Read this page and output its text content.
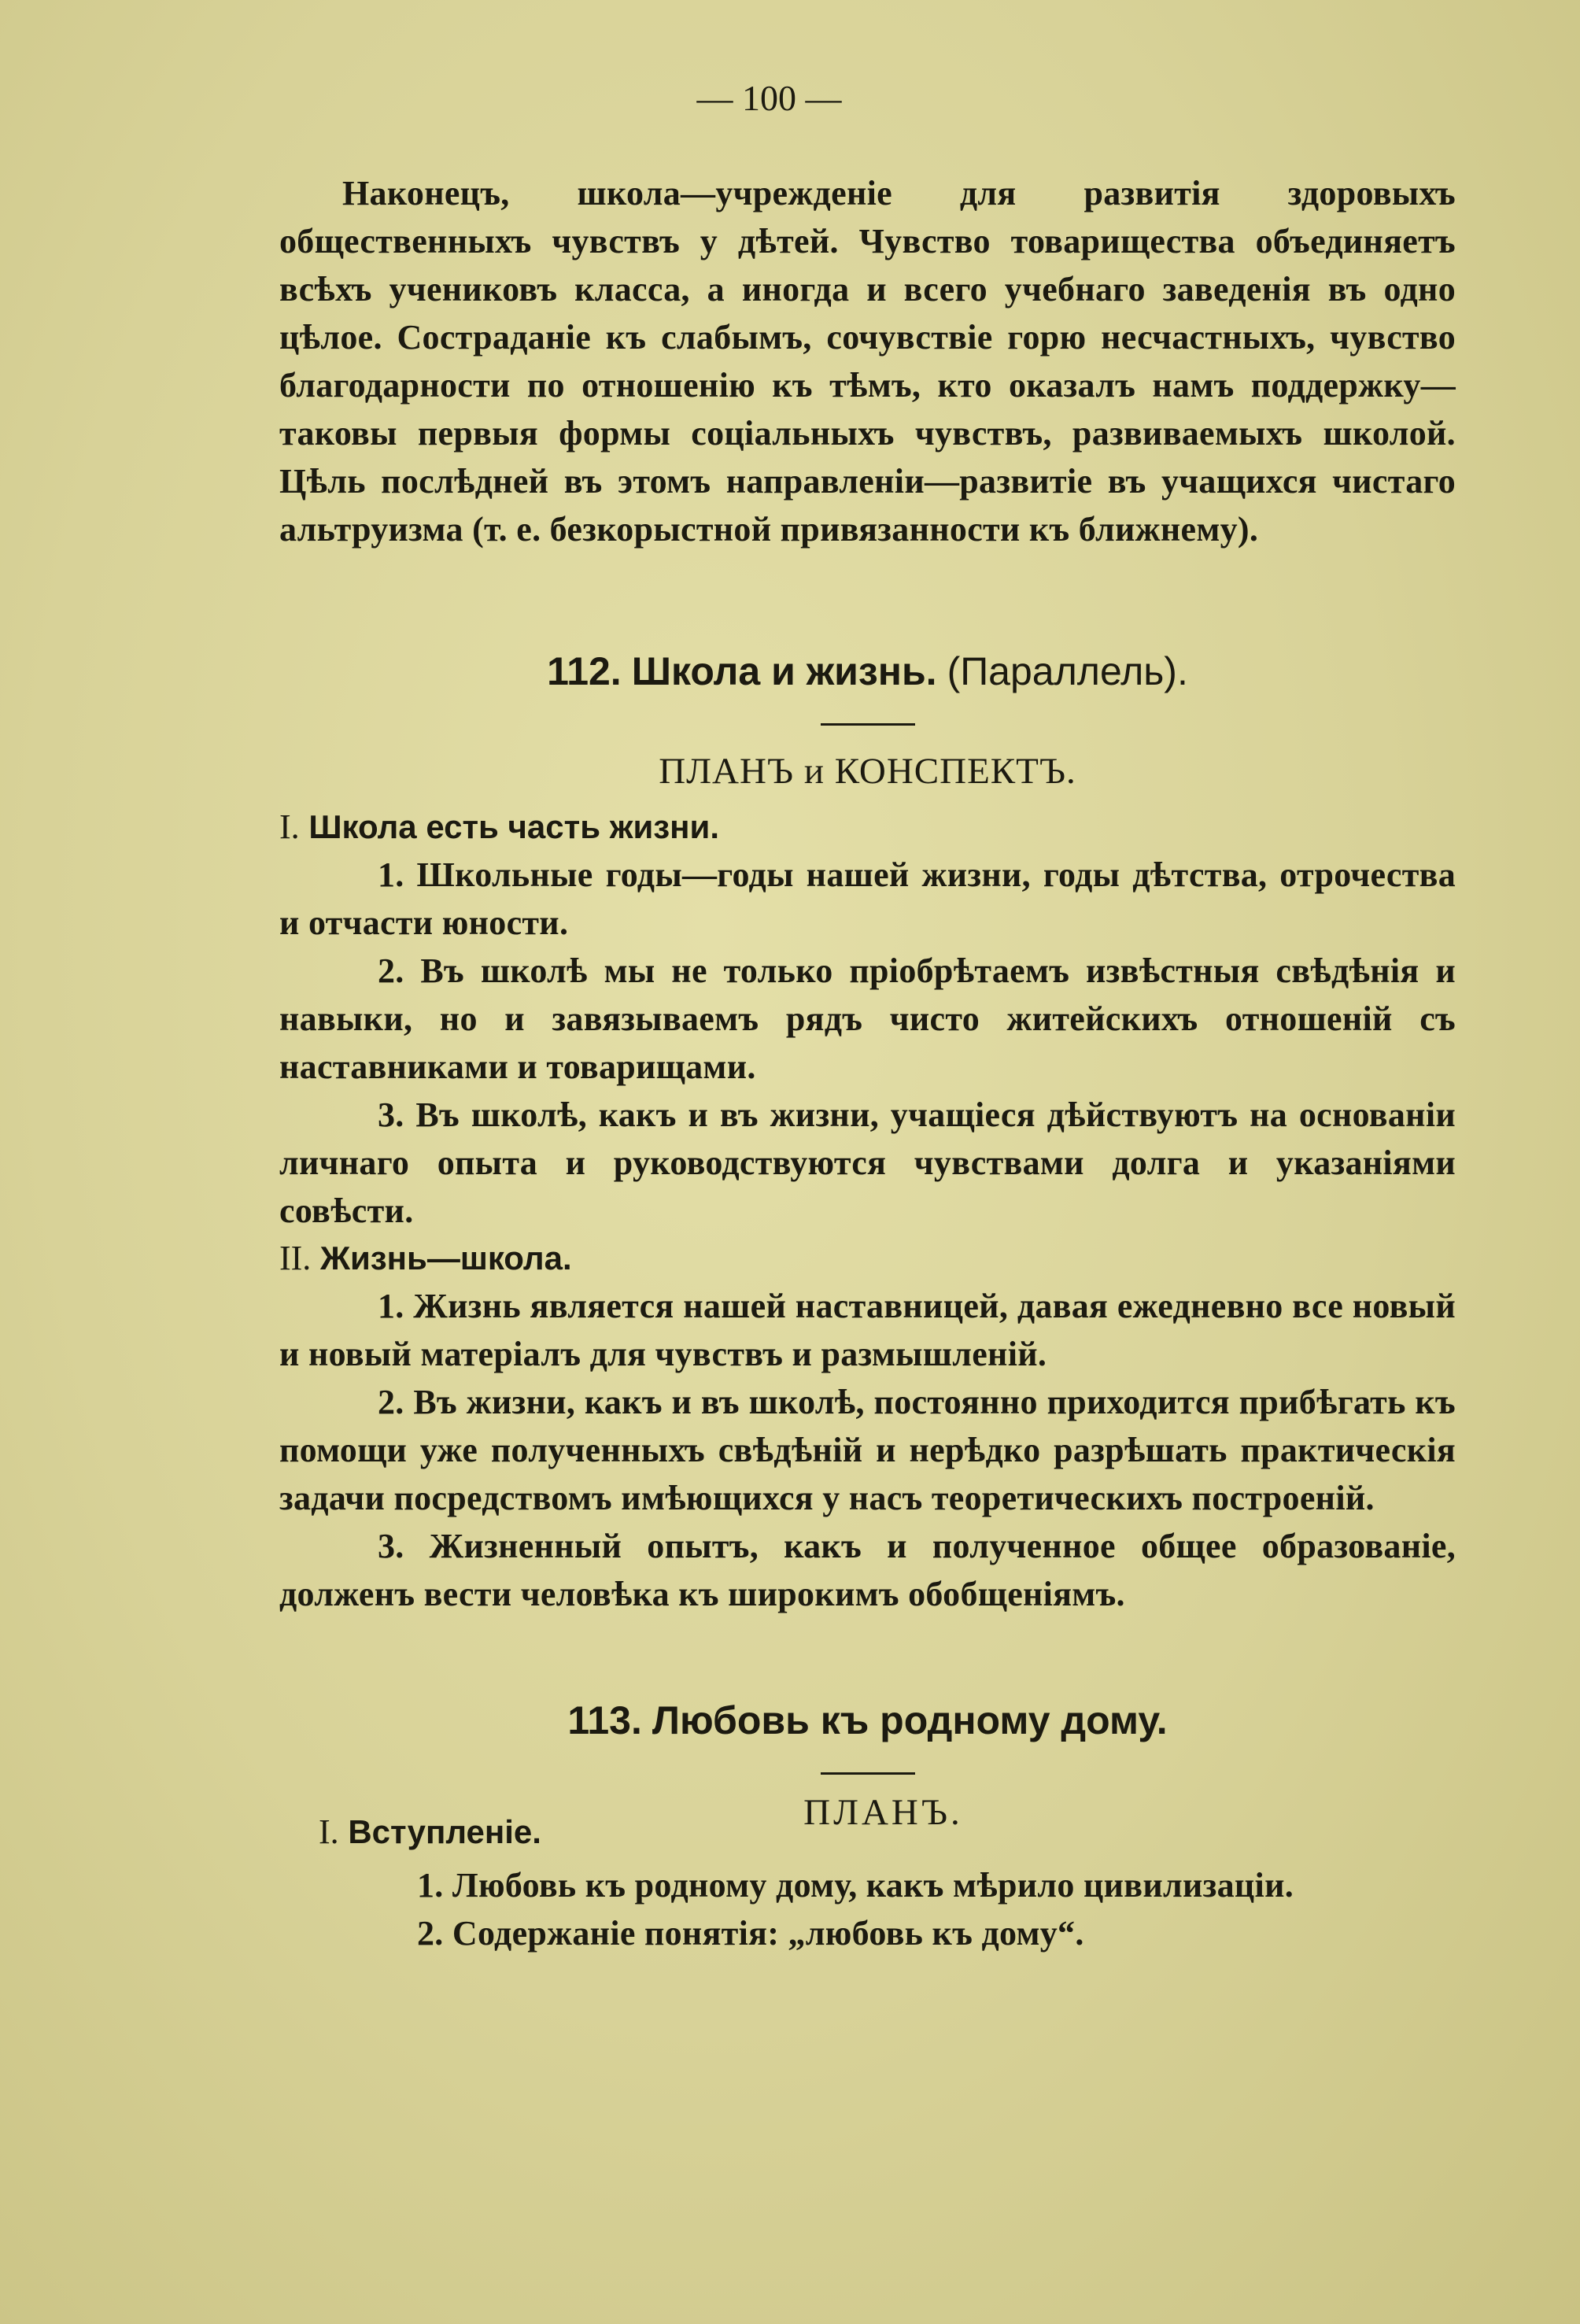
— 100 —

Наконецъ, школа—учрежденіе для развитія здоровыхъ общественныхъ чувствъ у дѣтей. Чувство товарищества объединяетъ всѣхъ учениковъ класса, а иногда и всего учебнаго заведенія въ одно цѣлое. Состраданіе къ слабымъ, сочувствіе горю несчастныхъ, чувство благодарности по отношенію къ тѣмъ, кто оказалъ намъ поддержку—таковы первыя формы соціальныхъ чувствъ, развиваемыхъ школой. Цѣль послѣдней въ этомъ направленіи—развитіе въ учащихся чистаго альтруизма (т. е. безкорыстной привязанности къ ближнему).

112. Школа и жизнь. (Параллель).
ПЛАНЪ и КОНСПЕКТЪ.
I. Школа есть часть жизни.
1. Школьные годы—годы нашей жизни, годы дѣтства, отрочества и отчасти юности.
2. Въ школѣ мы не только пріобрѣтаемъ извѣстныя свѣдѣнія и навыки, но и завязываемъ рядъ чисто житейскихъ отношеній съ наставниками и товарищами.
3. Въ школѣ, какъ и въ жизни, учащіеся дѣйствуютъ на основаніи личнаго опыта и руководствуются чувствами долга и указаніями совѣсти.
II. Жизнь—школа.
1. Жизнь является нашей наставницей, давая ежедневно все новый и новый матеріалъ для чувствъ и размышленій.
2. Въ жизни, какъ и въ школѣ, постоянно приходится прибѣгать къ помощи уже полученныхъ свѣдѣній и нерѣдко разрѣшать практическія задачи посредствомъ имѣющихся у насъ теоретическихъ построеній.
3. Жизненный опытъ, какъ и полученное общее образованіе, долженъ вести человѣка къ широкимъ обобщеніямъ.
113. Любовь къ родному дому.
ПЛАНЪ.
I. Вступленіе.
1. Любовь къ родному дому, какъ мѣрило цивилизаціи.
2. Содержаніе понятія: „любовь къ дому“.
